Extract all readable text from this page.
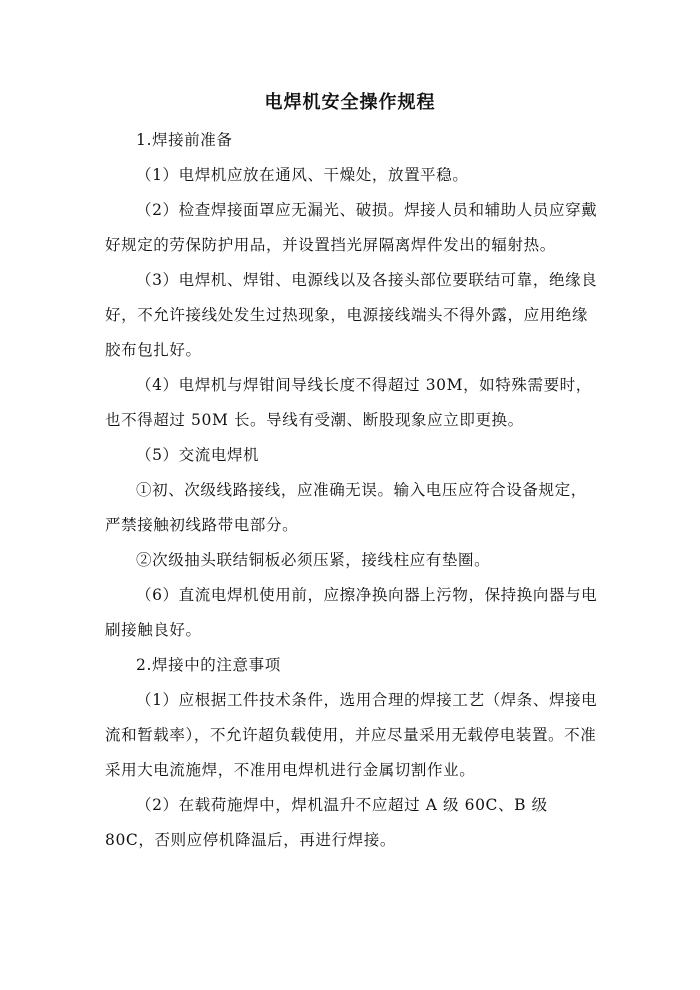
电焊机安全操作规程

1.焊接前准备

（1）电焊机应放在通风、干燥处，放置平稳。

（2）检查焊接面罩应无漏光、破损。焊接人员和辅助人员应穿戴好规定的劳保防护用品，并设置挡光屏隔离焊件发出的辐射热。

（3）电焊机、焊钳、电源线以及各接头部位要联结可靠，绝缘良好，不允许接线处发生过热现象，电源接线端头不得外露，应用绝缘胶布包扎好。

（4）电焊机与焊钳间导线长度不得超过 30M，如特殊需要时，也不得超过 50M 长。导线有受潮、断股现象应立即更换。

（5）交流电焊机

①初、次级线路接线，应准确无误。输入电压应符合设备规定，严禁接触初线路带电部分。

②次级抽头联结铜板必须压紧，接线柱应有垫圈。

（6）直流电焊机使用前，应擦净换向器上污物，保持换向器与电刷接触良好。

2.焊接中的注意事项

（1）应根据工件技术条件，选用合理的焊接工艺（焊条、焊接电流和暂载率），不允许超负载使用，并应尽量采用无载停电装置。不准采用大电流施焊，不准用电焊机进行金属切割作业。

（2）在载荷施焊中，焊机温升不应超过 A 级 60C、B 级 80C，否则应停机降温后，再进行焊接。
